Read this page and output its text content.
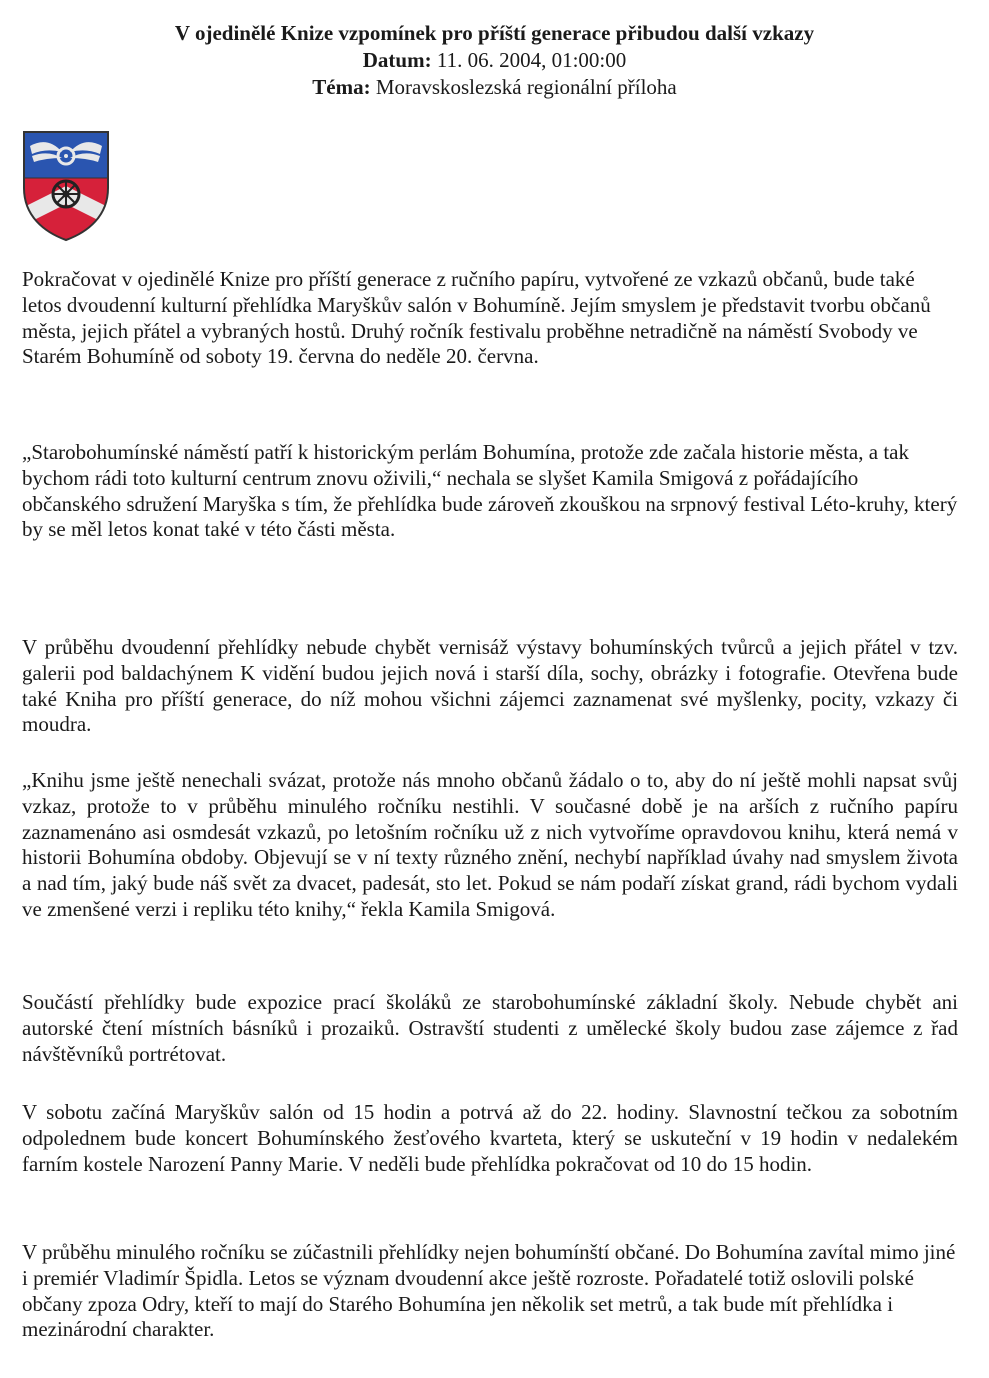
V ojedinělé Knize vzpomínek pro příští generace přibudou další vzkazy
Datum: 11. 06. 2004, 01:00:00
Téma: Moravskoslezská regionální příloha

Pokračovat v ojedinělé Knize pro příští generace z ručního papíru, vytvořené ze vzkazů občanů, bude také letos dvoudenní kulturní přehlídka Maryškův salón v Bohumíně. Jejím smyslem je představit tvorbu občanů města, jejich přátel a vybraných hostů. Druhý ročník festivalu proběhne netradičně na náměstí Svobody ve Starém Bohumíně od soboty 19. června do neděle 20. června.

„Starobohumínské náměstí patří k historickým perlám Bohumína, protože zde začala historie města, a tak bychom rádi toto kulturní centrum znovu oživili,“ nechala se slyšet Kamila Smigová z pořádajícího občanského sdružení Maryška s tím, že přehlídka bude zároveň zkouškou na srpnový festival Léto-kruhy, který by se měl letos konat také v této části města.

V průběhu dvoudenní přehlídky nebude chybět vernisáž výstavy bohumínských tvůrců a jejich přátel v tzv. galerii pod baldachýnem K vidění budou jejich nová i starší díla, sochy, obrázky i fotografie. Otevřena bude také Kniha pro příští generace, do níž mohou všichni zájemci zaznamenat své myšlenky, pocity, vzkazy či moudra.

„Knihu jsme ještě nenechali svázat, protože nás mnoho občanů žádalo o to, aby do ní ještě mohli napsat svůj vzkaz, protože to v průběhu minulého ročníku nestihli. V současné době je na arších z ručního papíru zaznamenáno asi osmdesát vzkazů, po letošním ročníku už z nich vytvoříme opravdovou knihu, která nemá v historii Bohumína obdoby. Objevují se v ní texty různého znění, nechybí například úvahy nad smyslem života a nad tím, jaký bude náš svět za dvacet, padesát, sto let. Pokud se nám podaří získat grand, rádi bychom vydali ve zmenšené verzi i repliku této knihy,“ řekla Kamila Smigová.

Součástí přehlídky bude expozice prací školáků ze starobohumínské základní školy. Nebude chybět ani autorské čtení místních básníků i prozaiků. Ostravští studenti z umělecké školy budou zase zájemce z řad návštěvníků portrétovat.

V sobotu začíná Maryškův salón od 15 hodin a potrvá až do 22. hodiny. Slavnostní tečkou za sobotním odpolednem bude koncert Bohumínského žesťového kvarteta, který se uskuteční v 19 hodin v nedalekém farním kostele Narození Panny Marie. V neděli bude přehlídka pokračovat od 10 do 15 hodin.

V průběhu minulého ročníku se zúčastnili přehlídky nejen bohumínští občané. Do Bohumína zavítal mimo jiné i premiér Vladimír Špidla. Letos se význam dvoudenní akce ještě rozroste. Pořadatelé totiž oslovili polské občany zpoza Odry, kteří to mají do Starého Bohumína jen několik set metrů, a tak bude mít přehlídka i mezinárodní charakter.
